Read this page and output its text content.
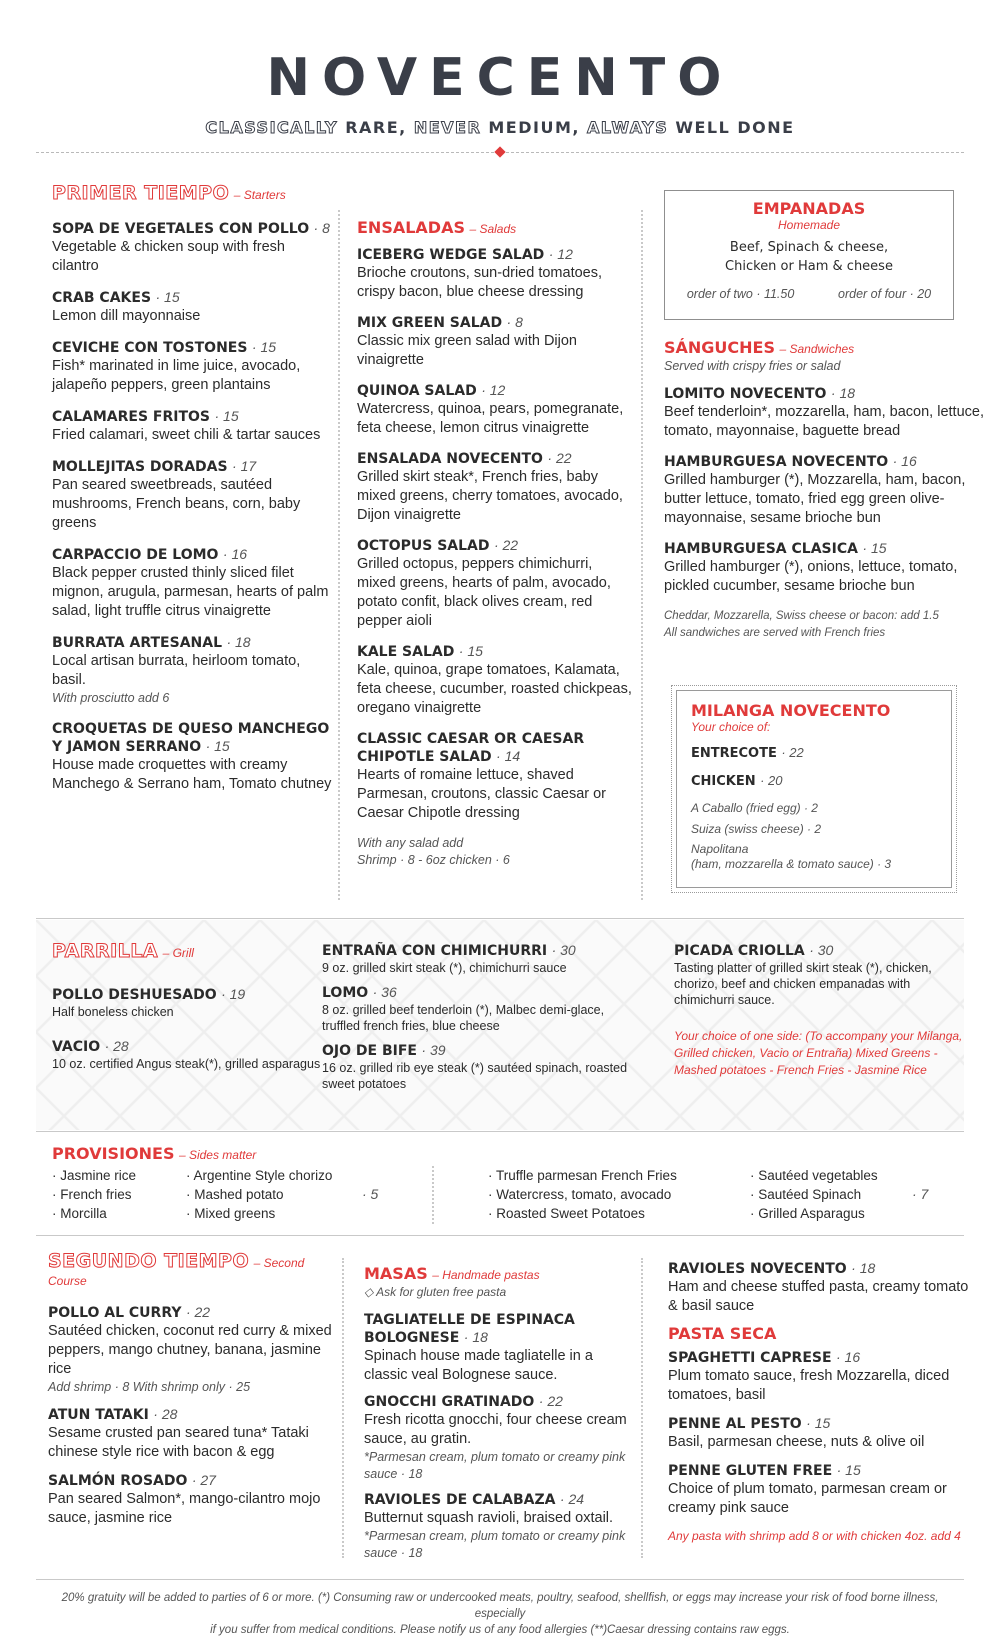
NOVECENTO
CLASSICALLY RARE, NEVER MEDIUM, ALWAYS WELL DONE
PRIMER TIEMPO – Starters
SOPA DE VEGETALES CON POLLO · 8
Vegetable & chicken soup with fresh cilantro
CRAB CAKES · 15
Lemon dill mayonnaise
CEVICHE CON TOSTONES · 15
Fish* marinated in lime juice, avocado, jalapeño peppers, green plantains
CALAMARES FRITOS · 15
Fried calamari, sweet chili & tartar sauces
MOLLEJITAS DORADAS · 17
Pan seared sweetbreads, sautéed mushrooms, French beans, corn, baby greens
CARPACCIO DE LOMO · 16
Black pepper crusted thinly sliced filet mignon, arugula, parmesan, hearts of palm salad, light truffle citrus vinaigrette
BURRATA ARTESANAL · 18
Local artisan burrata, heirloom tomato, basil.
With prosciutto add 6
CROQUETAS DE QUESO MANCHEGO Y JAMON SERRANO · 15
House made croquettes with creamy Manchego & Serrano ham, Tomato chutney
ENSALADAS – Salads
ICEBERG WEDGE SALAD · 12
Brioche croutons, sun-dried tomatoes, crispy bacon, blue cheese dressing
MIX GREEN SALAD · 8
Classic mix green salad with Dijon vinaigrette
QUINOA SALAD · 12
Watercress, quinoa, pears, pomegranate, feta cheese, lemon citrus vinaigrette
ENSALADA NOVECENTO · 22
Grilled skirt steak*, French fries, baby mixed greens, cherry tomatoes, avocado, Dijon vinaigrette
OCTOPUS SALAD · 22
Grilled octopus, peppers chimichurri, mixed greens, hearts of palm, avocado, potato confit, black olives cream, red pepper aioli
KALE SALAD · 15
Kale, quinoa, grape tomatoes, Kalamata, feta cheese, cucumber, roasted chickpeas, oregano vinaigrette
CLASSIC CAESAR OR CAESAR CHIPOTLE SALAD · 14
Hearts of romaine lettuce, shaved Parmesan, croutons, classic Caesar or Caesar Chipotle dressing
With any salad add
Shrimp · 8 - 6oz chicken · 6
EMPANADAS
Homemade
Beef, Spinach & cheese,
Chicken or Ham & cheese
order of two · 11.50	order of four · 20
SÁNGUCHES – Sandwiches
Served with crispy fries or salad
LOMITO NOVECENTO · 18
Beef tenderloin*, mozzarella, ham, bacon, lettuce, tomato, mayonnaise, baguette bread
HAMBURGUESA NOVECENTO · 16
Grilled hamburger (*), Mozzarella, ham, bacon, butter lettuce, tomato, fried egg green olive-mayonnaise, sesame brioche bun
HAMBURGUESA CLASICA · 15
Grilled hamburger (*), onions, lettuce, tomato, pickled cucumber, sesame brioche bun
Cheddar, Mozzarella, Swiss cheese or bacon: add 1.5
All sandwiches are served with French fries
MILANGA NOVECENTO
Your choice of:
ENTRECOTE · 22
CHICKEN · 20
A Caballo (fried egg) · 2
Suiza (swiss cheese) · 2
Napolitana
(ham, mozzarella & tomato sauce) · 3
PARRILLA – Grill
POLLO DESHUESADO · 19
Half boneless chicken
VACIO · 28
10 oz. certified Angus steak(*), grilled asparagus
ENTRAÑA CON CHIMICHURRI · 30
9 oz. grilled skirt steak (*), chimichurri sauce
LOMO · 36
8 oz. grilled beef tenderloin (*), Malbec demi-glace, truffled french fries, blue cheese
OJO DE BIFE · 39
16 oz. grilled rib eye steak (*) sautéed spinach, roasted sweet potatoes
PICADA CRIOLLA · 30
Tasting platter of grilled skirt steak (*), chicken, chorizo, beef and chicken empanadas with chimichurri sauce.
Your choice of one side: (To accompany your Milanga, Grilled chicken, Vacio or Entraña) Mixed Greens - Mashed potatoes - French Fries - Jasmine Rice
PROVISIONES – Sides matter
· Jasmine rice
· French fries
· Morcilla
· Argentine Style chorizo
· Mashed potato
· Mixed greens
· 5
· Truffle parmesan French Fries
· Watercress, tomato, avocado
· Roasted Sweet Potatoes
· Sautéed vegetables
· Sautéed Spinach
· Grilled Asparagus
· 7
SEGUNDO TIEMPO – Second Course
POLLO AL CURRY · 22
Sautéed chicken, coconut red curry & mixed peppers, mango chutney, banana, jasmine rice
Add shrimp · 8 With shrimp only · 25
ATUN TATAKI · 28
Sesame crusted pan seared tuna* Tataki chinese style rice with bacon & egg
SALMÓN ROSADO · 27
Pan seared Salmon*, mango-cilantro mojo sauce, jasmine rice
MASAS – Handmade pastas
◇ Ask for gluten free pasta
TAGLIATELLE DE ESPINACA BOLOGNESE · 18
Spinach house made tagliatelle in a classic veal Bolognese sauce.
GNOCCHI GRATINADO · 22
Fresh ricotta gnocchi, four cheese cream sauce, au gratin.
*Parmesan cream, plum tomato or creamy pink sauce · 18
RAVIOLES DE CALABAZA · 24
Butternut squash ravioli, braised oxtail.
*Parmesan cream, plum tomato or creamy pink sauce · 18
RAVIOLES NOVECENTO · 18
Ham and cheese stuffed pasta, creamy tomato & basil sauce
PASTA SECA
SPAGHETTI CAPRESE · 16
Plum tomato sauce, fresh Mozzarella, diced tomatoes, basil
PENNE AL PESTO · 15
Basil, parmesan cheese, nuts & olive oil
PENNE GLUTEN FREE · 15
Choice of plum tomato, parmesan cream or creamy pink sauce
Any pasta with shrimp add 8 or with chicken 4oz. add 4
20% gratuity will be added to parties of 6 or more. (*) Consuming raw or undercooked meats, poultry, seafood, shellfish, or eggs may increase your risk of food borne illness, especially
if you suffer from medical conditions. Please notify us of any food allergies (**)Caesar dressing contains raw eggs.
